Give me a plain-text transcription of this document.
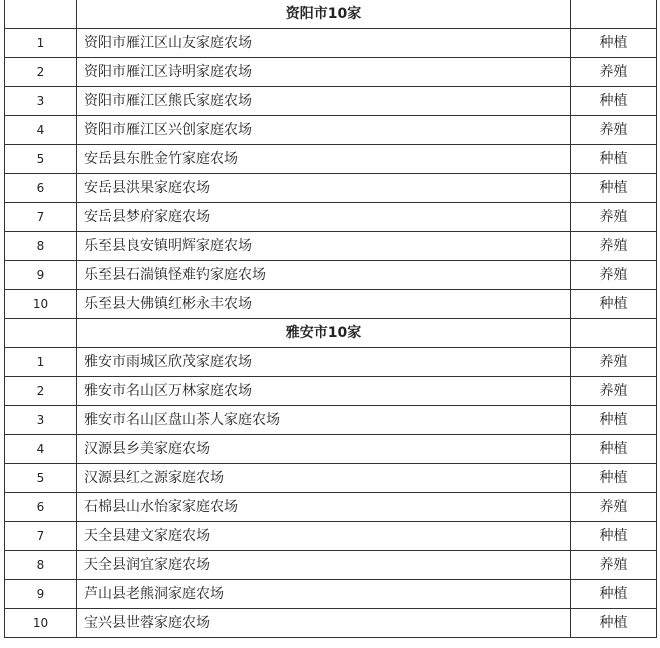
	资阳市10家	
1	资阳市雁江区山友家庭农场	种植
2	资阳市雁江区诗明家庭农场	养殖
3	资阳市雁江区熊氏家庭农场	种植
4	资阳市雁江区兴创家庭农场	养殖
5	安岳县东胜金竹家庭农场	种植
6	安岳县洪果家庭农场	种植
7	安岳县梦府家庭农场	养殖
8	乐至县良安镇明辉家庭农场	养殖
9	乐至县石湍镇怪难钓家庭农场	养殖
10	乐至县大佛镇红彬永丰农场	种植
	雅安市10家	
1	雅安市雨城区欣茂家庭农场	养殖
2	雅安市名山区万林家庭农场	养殖
3	雅安市名山区盘山茶人家庭农场	种植
4	汉源县乡美家庭农场	种植
5	汉源县红之源家庭农场	种植
6	石棉县山水怡家家庭农场	养殖
7	天全县建文家庭农场	种植
8	天全县润宜家庭农场	养殖
9	芦山县老熊洞家庭农场	种植
10	宝兴县世蓉家庭农场	种植
